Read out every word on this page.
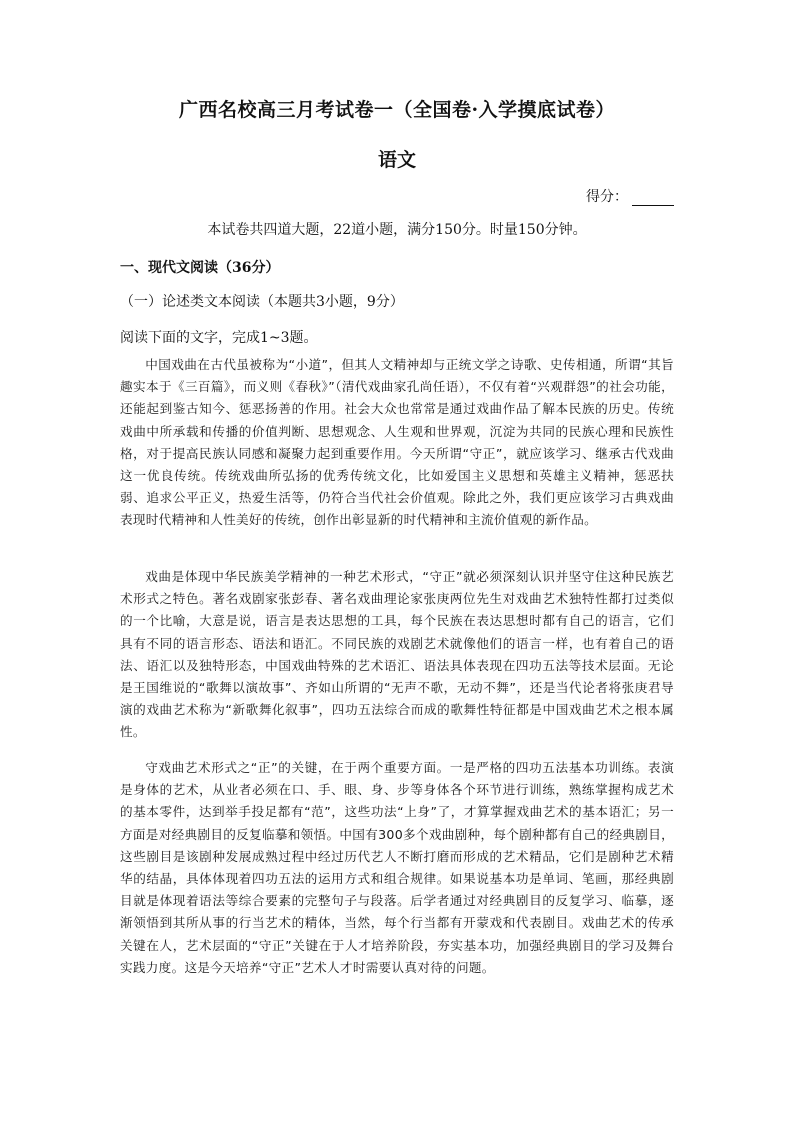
广西名校高三月考试卷一（全国卷·入学摸底试卷）
语文
得分：
本试卷共四道大题，22道小题，满分150分。时量150分钟。
一、现代文阅读（36分）
（一）论述类文本阅读（本题共3小题，9分）
阅读下面的文字，完成1~3题。

中国戏曲在古代虽被称为“小道”，但其人文精神却与正统文学之诗歌、史传相通，所谓“其旨趣实本于《三百篇》，而义则《春秋》”（清代戏曲家孔尚任语），不仅有着“兴观群怨”的社会功能，还能起到鉴古知今、惩恶扬善的作用。社会大众也常常是通过戏曲作品了解本民族的历史。传统戏曲中所承载和传播的价值判断、思想观念、人生观和世界观，沉淀为共同的民族心理和民族性格，对于提高民族认同感和凝聚力起到重要作用。今天所谓“守正”，就应该学习、继承古代戏曲这一优良传统。传统戏曲所弘扬的优秀传统文化，比如爱国主义思想和英雄主义精神，惩恶扶弱、追求公平正义，热爱生活等，仍符合当代社会价值观。除此之外，我们更应该学习古典戏曲表现时代精神和人性美好的传统，创作出彰显新的时代精神和主流价值观的新作品。

戏曲是体现中华民族美学精神的一种艺术形式，“守正”就必须深刻认识并坚守住这种民族艺术形式之特色。著名戏剧家张彭春、著名戏曲理论家张庚两位先生对戏曲艺术独特性都打过类似的一个比喻，大意是说，语言是表达思想的工具，每个民族在表达思想时都有自己的语言，它们具有不同的语言形态、语法和语汇。不同民族的戏剧艺术就像他们的语言一样，也有着自己的语法、语汇以及独特形态，中国戏曲特殊的艺术语汇、语法具体表现在四功五法等技术层面。无论是王国维说的“歌舞以演故事”、齐如山所谓的“无声不歌，无动不舞”，还是当代论者将张庚君导演的戏曲艺术称为“新歌舞化叙事”，四功五法综合而成的歌舞性特征都是中国戏曲艺术之根本属性。

守戏曲艺术形式之“正”的关键，在于两个重要方面。一是严格的四功五法基本功训练。表演是身体的艺术，从业者必须在口、手、眼、身、步等身体各个环节进行训练，熟练掌握构成艺术的基本零件，达到举手投足都有“范”，这些功法“上身”了，才算掌握戏曲艺术的基本语汇；另一方面是对经典剧目的反复临摹和领悟。中国有300多个戏曲剧种，每个剧种都有自己的经典剧目，这些剧目是该剧种发展成熟过程中经过历代艺人不断打磨而形成的艺术精品，它们是剧种艺术精华的结晶，具体体现着四功五法的运用方式和组合规律。如果说基本功是单词、笔画，那经典剧目就是体现着语法等综合要素的完整句子与段落。后学者通过对经典剧目的反复学习、临摹，逐渐领悟到其所从事的行当艺术的精体，当然，每个行当都有开蒙戏和代表剧目。戏曲艺术的传承关键在人，艺术层面的“守正”关键在于人才培养阶段，夯实基本功，加强经典剧目的学习及舞台实践力度。这是今天培养“守正”艺术人才时需要认真对待的问题。
